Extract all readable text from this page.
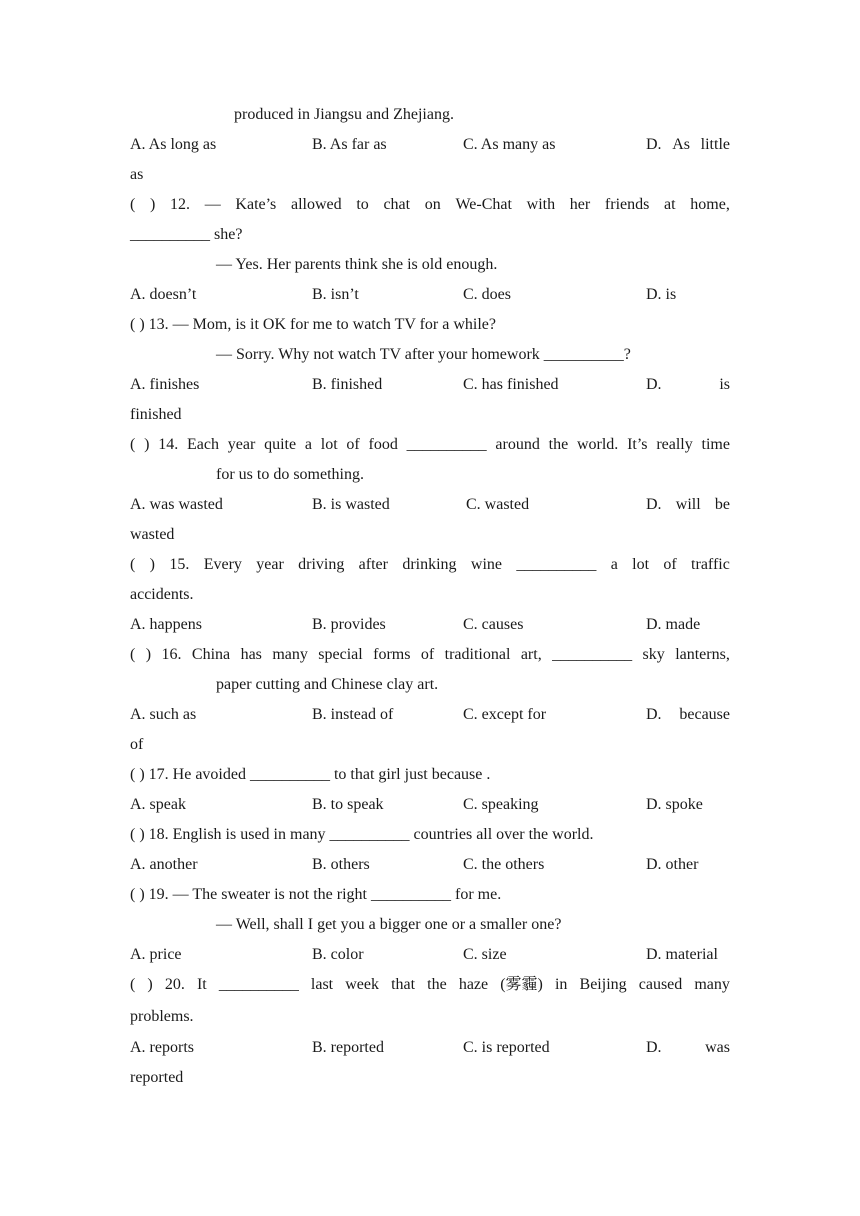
produced in Jiangsu and Zhejiang.
A. As long as	B. As far as	C. As many as	D. As little
as
( ) 12. — Kate’s allowed to chat on We-Chat with her friends at home,
__________ she?
— Yes. Her parents think she is old enough.
A. doesn’t	B. isn’t	C. does	D. is
( ) 13. — Mom, is it OK for me to watch TV for a while?
— Sorry. Why not watch TV after your homework __________?
A. finishes	B. finished	C. has finished	D.	is
finished
( ) 14. Each year quite a lot of food __________ around the world. It’s really time
for us to do something.
A. was wasted	B. is wasted	C. wasted	D. will be
wasted
( ) 15. Every year driving after drinking wine __________ a lot of traffic
accidents.
A. happens	B. provides	C. causes	D. made
( ) 16. China has many special forms of traditional art, __________ sky lanterns,
paper cutting and Chinese clay art.
A. such as	B. instead of	C. except for	D. because
of
( ) 17. He avoided __________ to that girl just because .
A. speak	B. to speak	C. speaking	D. spoke
( ) 18. English is used in many __________ countries all over the world.
A. another	B. others	C. the others	D. other
( ) 19. — The sweater is not the right __________ for me.
— Well, shall I get you a bigger one or a smaller one?
A. price	B. color	C. size	D. material
( ) 20. It __________ last week that the haze (雾霾) in Beijing caused many
problems.
A. reports	B. reported	C. is reported	D.	was
reported
